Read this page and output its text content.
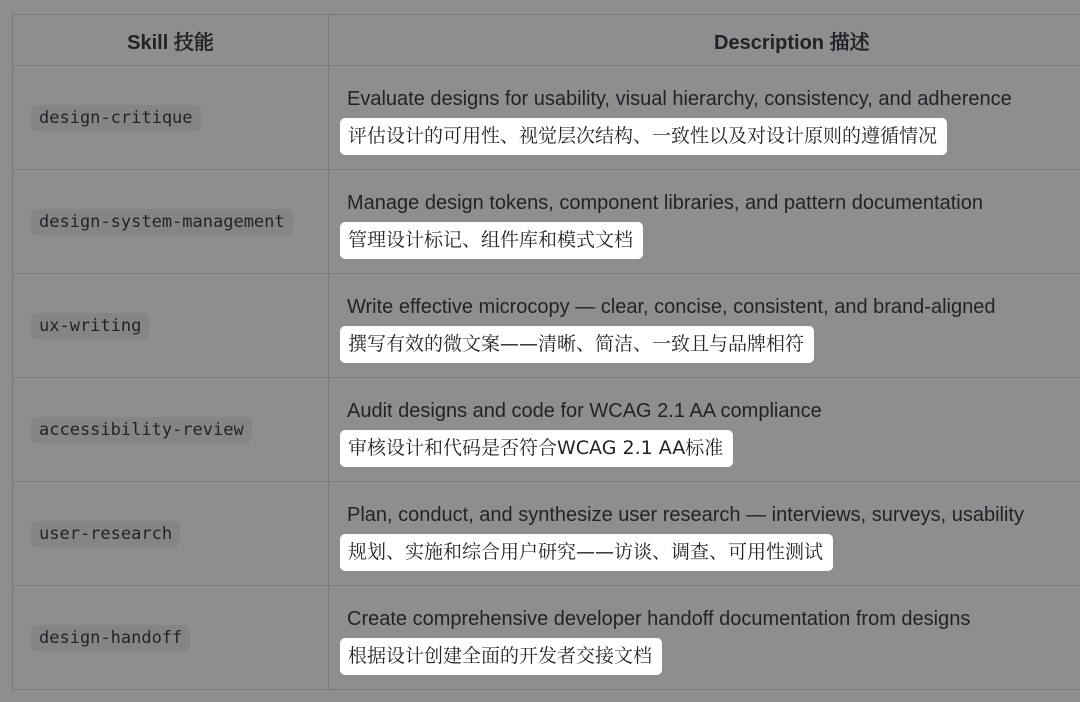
Skill 技能	Description 描述
design-critique	Evaluate designs for usability, visual hierarchy, consistency, and adherence
评估设计的可用性、视觉层次结构、一致性以及对设计原则的遵循情况
design-system-management	Manage design tokens, component libraries, and pattern documentation
管理设计标记、组件库和模式文档
ux-writing	Write effective microcopy — clear, concise, consistent, and brand-aligned
撰写有效的微文案——清晰、简洁、一致且与品牌相符
accessibility-review	Audit designs and code for WCAG 2.1 AA compliance
审核设计和代码是否符合WCAG 2.1 AA标准
user-research	Plan, conduct, and synthesize user research — interviews, surveys, usability
规划、实施和综合用户研究——访谈、调查、可用性测试
design-handoff	Create comprehensive developer handoff documentation from designs
根据设计创建全面的开发者交接文档
